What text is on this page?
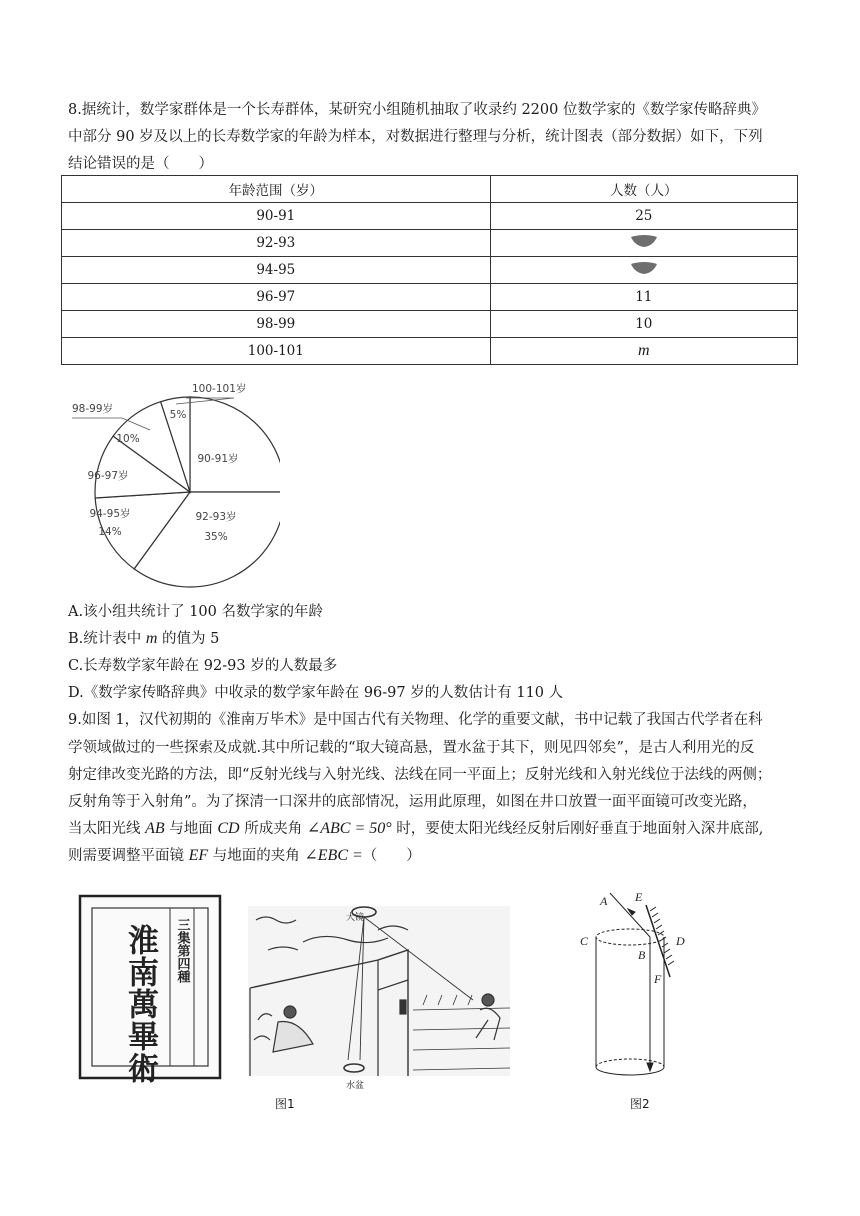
8.据统计，数学家群体是一个长寿群体，某研究小组随机抽取了收录约 2200 位数学家的《数学家传略辞典》
中部分 90 岁及以上的长寿数学家的年龄为样本，对数据进行整理与分析，统计图表（部分数据）如下，下列
结论错误的是（　　）
年龄范围（岁）	人数（人）
90-91	25
92-93	
94-95	
96-97	11
98-99	10
100-101	m
90-91岁
92-93岁
35%
94-95岁
14%
96-97岁
98-99岁
10%
100-101岁
5%
A.该小组共统计了 100 名数学家的年龄
B.统计表中 m 的值为 5
C.长寿数学家年龄在 92-93 岁的人数最多
D.《数学家传略辞典》中收录的数学家年龄在 96-97 岁的人数估计有 110 人
9.如图 1，汉代初期的《淮南万毕术》是中国古代有关物理、化学的重要文献，书中记载了我国古代学者在科
学领域做过的一些探索及成就.其中所记载的“取大镜高悬，置水盆于其下，则见四邻矣”，是古人利用光的反
射定律改变光路的方法，即“反射光线与入射光线、法线在同一平面上；反射光线和入射光线位于法线的两侧；
反射角等于入射角”。为了探清一口深井的底部情况，运用此原理，如图在井口放置一面平面镜可改变光路，
当太阳光线 AB 与地面 CD 所成夹角 ∠ABC = 50° 时，要使太阳光线经反射后刚好垂直于地面射入深井底部,
则需要调整平面镜 EF 与地面的夹角 ∠EBC =（　　）
淮南萬畢術 三集第四種	大镜
水盆
图1
A E
C	D
B
F
图2
